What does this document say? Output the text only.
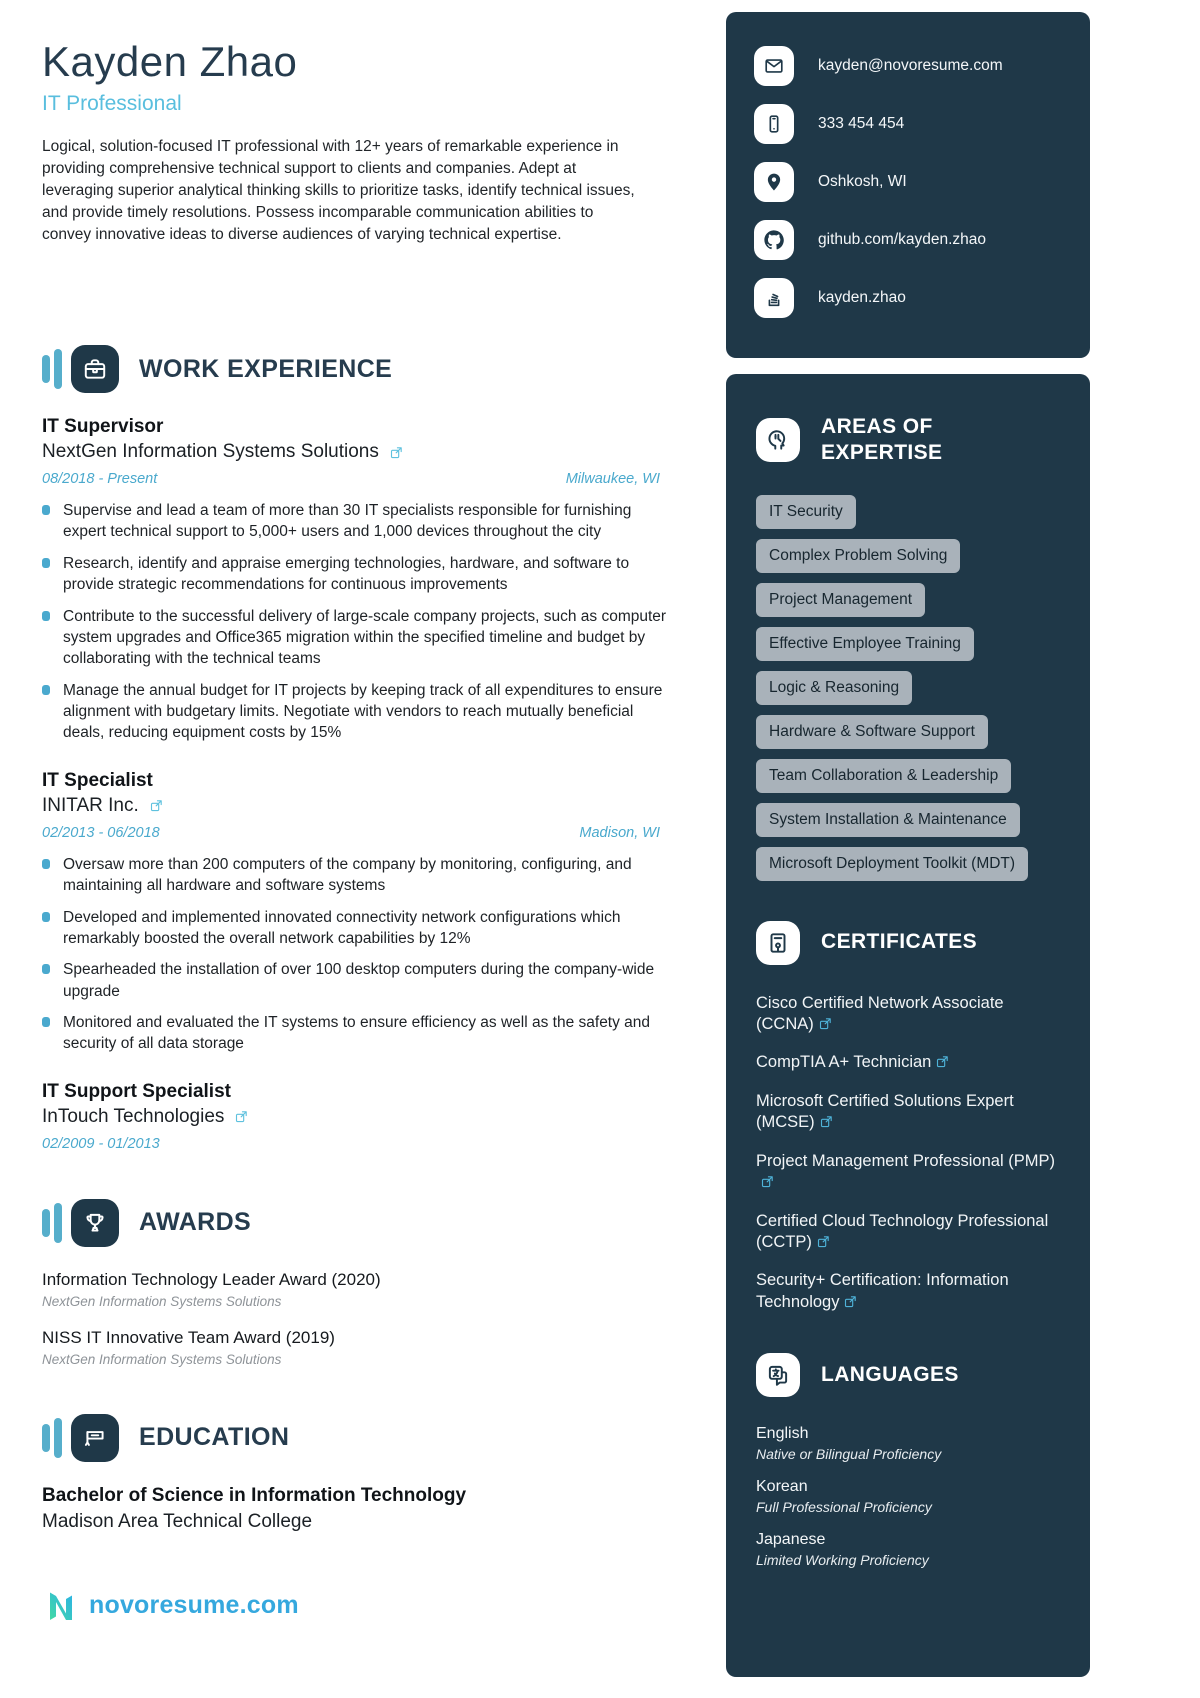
Kayden Zhao
IT Professional
Logical, solution-focused IT professional with 12+ years of remarkable experience in providing comprehensive technical support to clients and companies. Adept at leveraging superior analytical thinking skills to prioritize tasks, identify technical issues, and provide timely resolutions. Possess incomparable communication abilities to convey innovative ideas to diverse audiences of varying technical expertise.
WORK EXPERIENCE
IT Supervisor
NextGen Information Systems Solutions
08/2018 - Present	Milwaukee, WI
Supervise and lead a team of more than 30 IT specialists responsible for furnishing expert technical support to 5,000+ users and 1,000 devices throughout the city
Research, identify and appraise emerging technologies, hardware, and software to provide strategic recommendations for continuous improvements
Contribute to the successful delivery of large-scale company projects, such as computer system upgrades and Office365 migration within the specified timeline and budget by collaborating with the technical teams
Manage the annual budget for IT projects by keeping track of all expenditures to ensure alignment with budgetary limits. Negotiate with vendors to reach mutually beneficial deals, reducing equipment costs by 15%
IT Specialist
INITAR Inc.
02/2013 - 06/2018	Madison, WI
Oversaw more than 200 computers of the company by monitoring, configuring, and maintaining all hardware and software systems
Developed and implemented innovated connectivity network configurations which remarkably boosted the overall network capabilities by 12%
Spearheaded the installation of over 100 desktop computers during the company-wide upgrade
Monitored and evaluated the IT systems to ensure efficiency as well as the safety and security of all data storage
IT Support Specialist
InTouch Technologies
02/2009 - 01/2013
AWARDS
Information Technology Leader Award (2020)
NextGen Information Systems Solutions
NISS IT Innovative Team Award (2019)
NextGen Information Systems Solutions
EDUCATION
Bachelor of Science in Information Technology
Madison Area Technical College
novoresume.com
kayden@novoresume.com
333 454 454
Oshkosh, WI
github.com/kayden.zhao
kayden.zhao
AREAS OF EXPERTISE
IT Security
Complex Problem Solving
Project Management
Effective Employee Training
Logic & Reasoning
Hardware & Software Support
Team Collaboration & Leadership
System Installation & Maintenance
Microsoft Deployment Toolkit (MDT)
CERTIFICATES
Cisco Certified Network Associate (CCNA)
CompTIA A+ Technician
Microsoft Certified Solutions Expert (MCSE)
Project Management Professional (PMP)
Certified Cloud Technology Professional (CCTP)
Security+ Certification: Information Technology
LANGUAGES
English
Native or Bilingual Proficiency
Korean
Full Professional Proficiency
Japanese
Limited Working Proficiency
